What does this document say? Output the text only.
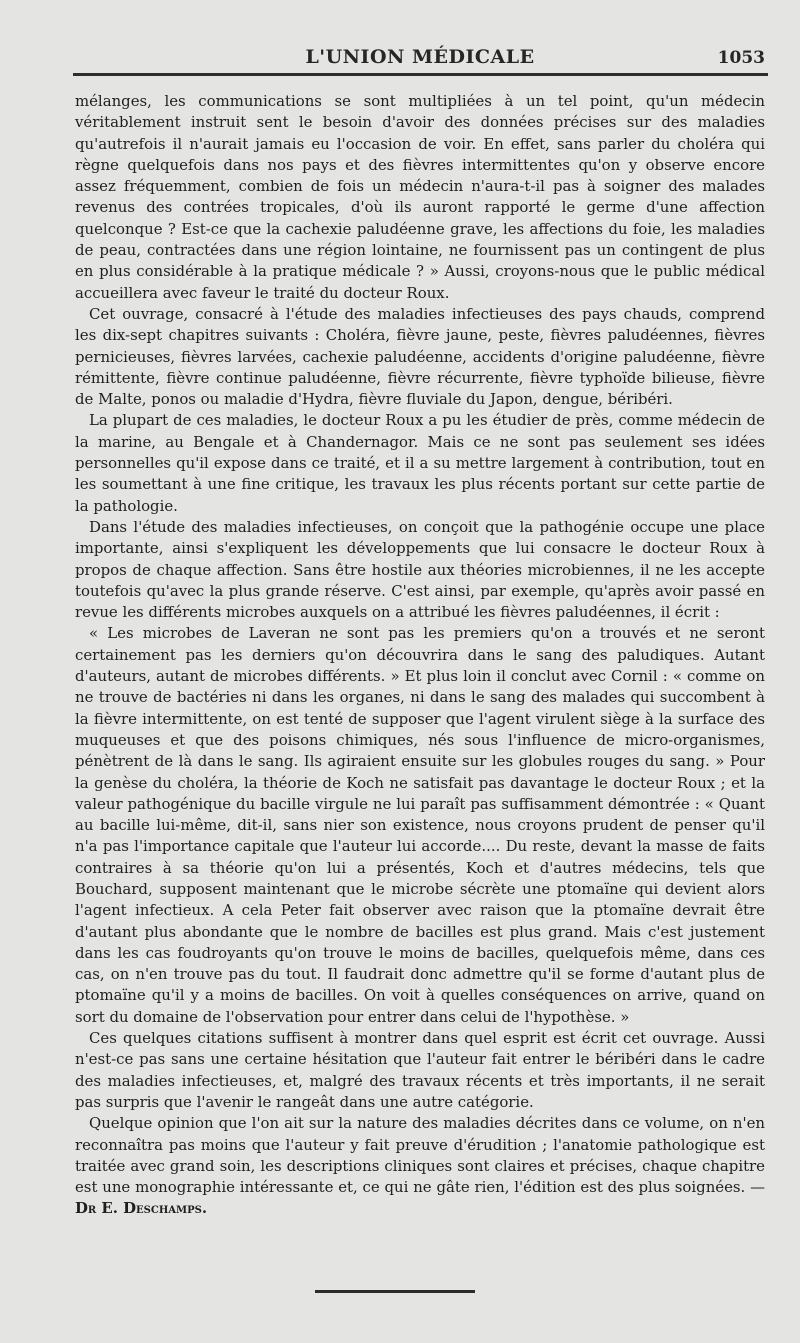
L'UNION MÉDICALE	1053

mélanges, les communications se sont multipliées à un tel point, qu'un médecin véritablement instruit sent le besoin d'avoir des données précises sur des maladies qu'autrefois il n'aurait jamais eu l'occasion de voir. En effet, sans parler du choléra qui règne quelquefois dans nos pays et des fièvres intermittentes qu'on y observe encore assez fréquemment, combien de fois un médecin n'aura-t-il pas à soigner des malades revenus des contrées tropicales, d'où ils auront rapporté le germe d'une affection quelconque ? Est-ce que la cachexie paludéenne grave, les affections du foie, les maladies de peau, contractées dans une région lointaine, ne fournissent pas un contingent de plus en plus considérable à la pratique médicale ? » Aussi, croyons-nous que le public médical accueillera avec faveur le traité du docteur Roux.

Cet ouvrage, consacré à l'étude des maladies infectieuses des pays chauds, comprend les dix-sept chapitres suivants : Choléra, fièvre jaune, peste, fièvres paludéennes, fièvres pernicieuses, fièvres larvées, cachexie paludéenne, accidents d'origine paludéenne, fièvre rémittente, fièvre continue paludéenne, fièvre récurrente, fièvre typhoïde bilieuse, fièvre de Malte, ponos ou maladie d'Hydra, fièvre fluviale du Japon, dengue, béribéri.

La plupart de ces maladies, le docteur Roux a pu les étudier de près, comme médecin de la marine, au Bengale et à Chandernagor. Mais ce ne sont pas seulement ses idées personnelles qu'il expose dans ce traité, et il a su mettre largement à contribution, tout en les soumettant à une fine critique, les travaux les plus récents portant sur cette partie de la pathologie.

Dans l'étude des maladies infectieuses, on conçoit que la pathogénie occupe une place importante, ainsi s'expliquent les développements que lui consacre le docteur Roux à propos de chaque affection. Sans être hostile aux théories microbiennes, il ne les accepte toutefois qu'avec la plus grande réserve. C'est ainsi, par exemple, qu'après avoir passé en revue les différents microbes auxquels on a attribué les fièvres paludéennes, il écrit :

« Les microbes de Laveran ne sont pas les premiers qu'on a trouvés et ne seront certainement pas les derniers qu'on découvrira dans le sang des paludiques. Autant d'auteurs, autant de microbes différents. » Et plus loin il conclut avec Cornil : « comme on ne trouve de bactéries ni dans les organes, ni dans le sang des malades qui succombent à la fièvre intermittente, on est tenté de supposer que l'agent virulent siège à la surface des muqueuses et que des poisons chimiques, nés sous l'influence de micro-organismes, pénètrent de là dans le sang. Ils agiraient ensuite sur les globules rouges du sang. » Pour la genèse du choléra, la théorie de Koch ne satisfait pas davantage le docteur Roux ; et la valeur pathogénique du bacille virgule ne lui paraît pas suffisamment démontrée : « Quant au bacille lui-même, dit-il, sans nier son existence, nous croyons prudent de penser qu'il n'a pas l'importance capitale que l'auteur lui accorde.... Du reste, devant la masse de faits contraires à sa théorie qu'on lui a présentés, Koch et d'autres médecins, tels que Bouchard, supposent maintenant que le microbe sécrète une ptomaïne qui devient alors l'agent infectieux. A cela Peter fait observer avec raison que la ptomaïne devrait être d'autant plus abondante que le nombre de bacilles est plus grand. Mais c'est justement dans les cas foudroyants qu'on trouve le moins de bacilles, quelquefois même, dans ces cas, on n'en trouve pas du tout. Il faudrait donc admettre qu'il se forme d'autant plus de ptomaïne qu'il y a moins de bacilles. On voit à quelles conséquences on arrive, quand on sort du domaine de l'observation pour entrer dans celui de l'hypothèse. »

Ces quelques citations suffisent à montrer dans quel esprit est écrit cet ouvrage. Aussi n'est-ce pas sans une certaine hésitation que l'auteur fait entrer le béribéri dans le cadre des maladies infectieuses, et, malgré des travaux récents et très importants, il ne serait pas surpris que l'avenir le rangeât dans une autre catégorie.

Quelque opinion que l'on ait sur la nature des maladies décrites dans ce volume, on n'en reconnaîtra pas moins que l'auteur y fait preuve d'érudition ; l'anatomie pathologique est traitée avec grand soin, les descriptions cliniques sont claires et précises, chaque chapitre est une monographie intéressante et, ce qui ne gâte rien, l'édition est des plus soignées. — Dr E. Deschamps.
